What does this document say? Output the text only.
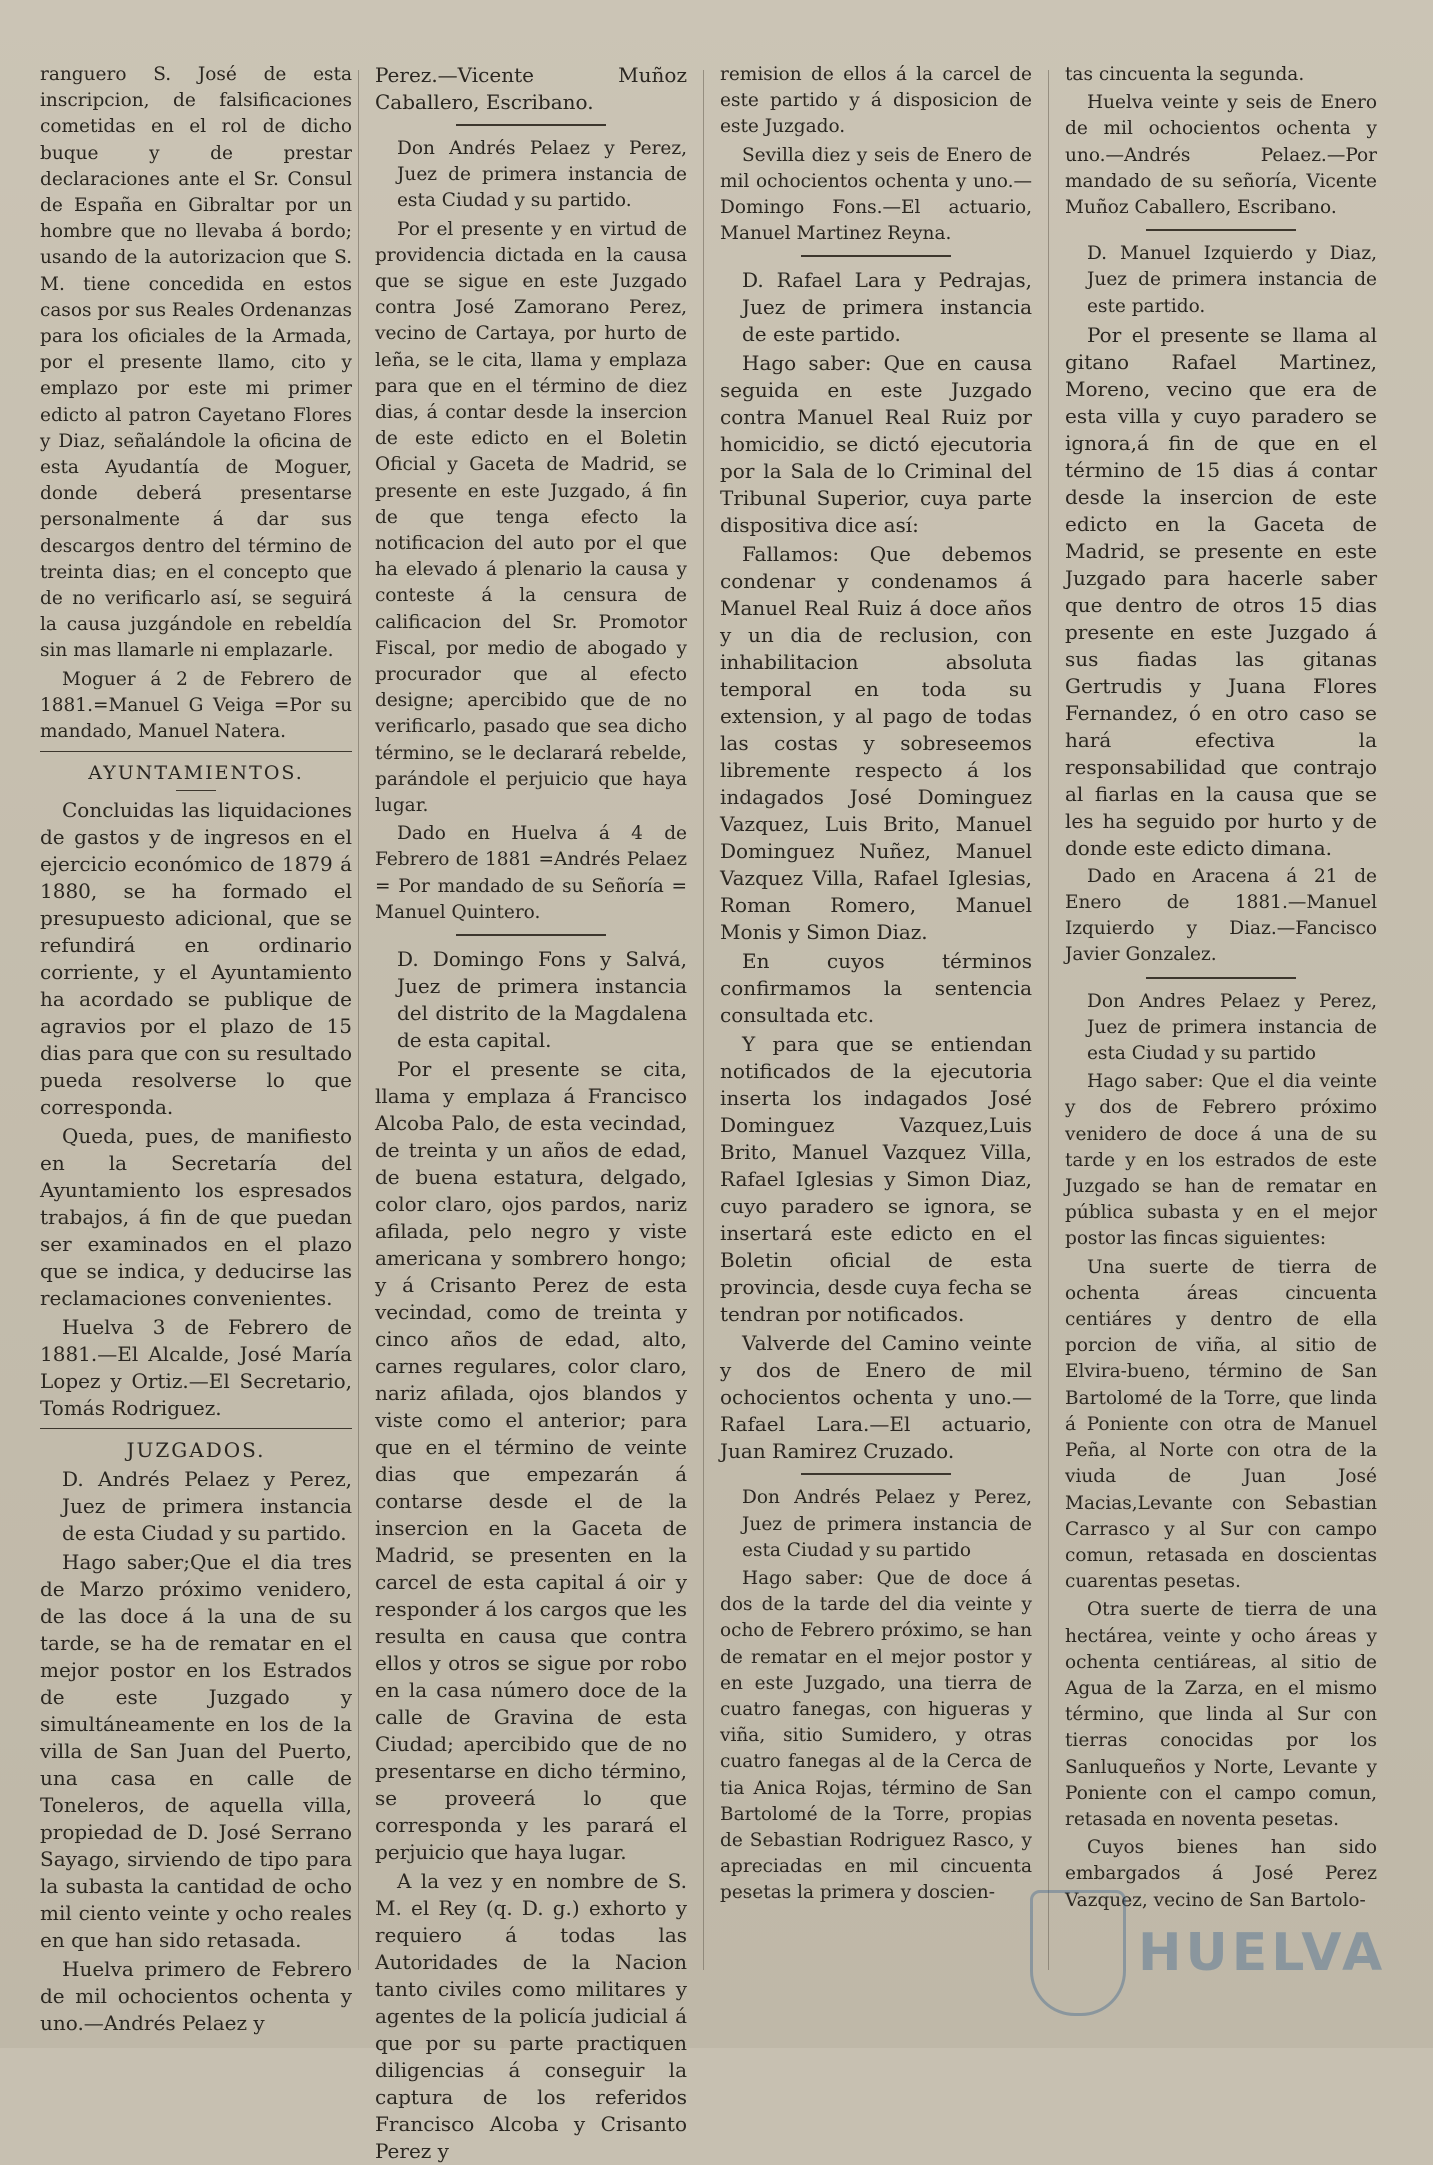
ranguero S. José de esta inscripcion, de falsificaciones cometidas en el rol de dicho buque y de prestar declaraciones ante el Sr. Consul de España en Gibraltar por un hombre que no llevaba á bordo; usando de la autorizacion que S. M. tiene concedida en estos casos por sus Reales Ordenanzas para los oficiales de la Armada, por el presente llamo, cito y emplazo por este mi primer edicto al patron Cayetano Flores y Diaz, señalándole la oficina de esta Ayudantía de Moguer, donde deberá presentarse personalmente á dar sus descargos dentro del término de treinta dias; en el concepto que de no verificarlo así, se seguirá la causa juzgándole en rebeldía sin mas llamarle ni emplazarle.

Moguer á 2 de Febrero de 1881.=Manuel G Veiga =Por su mandado, Manuel Natera.

AYUNTAMIENTOS.

Concluidas las liquidaciones de gastos y de ingresos en el ejercicio económico de 1879 á 1880, se ha formado el presupuesto adicional, que se refundirá en ordinario corriente, y el Ayuntamiento ha acordado se publique de agravios por el plazo de 15 dias para que con su resultado pueda resolverse lo que corresponda.

Queda, pues, de manifiesto en la Secretaría del Ayuntamiento los espresados trabajos, á fin de que puedan ser examinados en el plazo que se indica, y deducirse las reclamaciones convenientes.

Huelva 3 de Febrero de 1881.—El Alcalde, José María Lopez y Ortiz.—El Secretario, Tomás Rodriguez.

JUZGADOS.

D. Andrés Pelaez y Perez, Juez de primera instancia de esta Ciudad y su partido.

Hago saber;Que el dia tres de Marzo próximo venidero, de las doce á la una de su tarde, se ha de rematar en el mejor postor en los Estrados de este Juzgado y simultáneamente en los de la villa de San Juan del Puerto, una casa en calle de Toneleros, de aquella villa, propiedad de D. José Serrano Sayago, sirviendo de tipo para la subasta la cantidad de ocho mil ciento veinte y ocho reales en que han sido retasada.

Huelva primero de Febrero de mil ochocientos ochenta y uno.—Andrés Pelaez y

Perez.—Vicente Muñoz Caballero, Escribano.

Don Andrés Pelaez y Perez, Juez de primera instancia de esta Ciudad y su partido.

Por el presente y en virtud de providencia dictada en la causa que se sigue en este Juzgado contra José Zamorano Perez, vecino de Cartaya, por hurto de leña, se le cita, llama y emplaza para que en el término de diez dias, á contar desde la insercion de este edicto en el Boletin Oficial y Gaceta de Madrid, se presente en este Juzgado, á fin de que tenga efecto la notificacion del auto por el que ha elevado á plenario la causa y conteste á la censura de calificacion del Sr. Promotor Fiscal, por medio de abogado y procurador que al efecto designe; apercibido que de no verificarlo, pasado que sea dicho término, se le declarará rebelde, parándole el perjuicio que haya lugar.

Dado en Huelva á 4 de Febrero de 1881 =Andrés Pelaez = Por mandado de su Señoría = Manuel Quintero.

D. Domingo Fons y Salvá, Juez de primera instancia del distrito de la Magdalena de esta capital.

Por el presente se cita, llama y emplaza á Francisco Alcoba Palo, de esta vecindad, de treinta y un años de edad, de buena estatura, delgado, color claro, ojos pardos, nariz afilada, pelo negro y viste americana y sombrero hongo; y á Crisanto Perez de esta vecindad, como de treinta y cinco años de edad, alto, carnes regulares, color claro, nariz afilada, ojos blandos y viste como el anterior; para que en el término de veinte dias que empezarán á contarse desde el de la insercion en la Gaceta de Madrid, se presenten en la carcel de esta capital á oir y responder á los cargos que les resulta en causa que contra ellos y otros se sigue por robo en la casa número doce de la calle de Gravina de esta Ciudad; apercibido que de no presentarse en dicho término, se proveerá lo que corresponda y les parará el perjuicio que haya lugar.

A la vez y en nombre de S. M. el Rey (q. D. g.) exhorto y requiero á todas las Autoridades de la Nacion tanto civiles como militares y agentes de la policía judicial á que por su parte practiquen diligencias á conseguir la captura de los referidos Francisco Alcoba y Crisanto Perez y

remision de ellos á la carcel de este partido y á disposicion de este Juzgado.

Sevilla diez y seis de Enero de mil ochocientos ochenta y uno.—Domingo Fons.—El actuario, Manuel Martinez Reyna.

D. Rafael Lara y Pedrajas, Juez de primera instancia de este partido.

Hago saber: Que en causa seguida en este Juzgado contra Manuel Real Ruiz por homicidio, se dictó ejecutoria por la Sala de lo Criminal del Tribunal Superior, cuya parte dispositiva dice así:

Fallamos: Que debemos condenar y condenamos á Manuel Real Ruiz á doce años y un dia de reclusion, con inhabilitacion absoluta temporal en toda su extension, y al pago de todas las costas y sobreseemos libremente respecto á los indagados José Dominguez Vazquez, Luis Brito, Manuel Dominguez Nuñez, Manuel Vazquez Villa, Rafael Iglesias, Roman Romero, Manuel Monis y Simon Diaz.

En cuyos términos confirmamos la sentencia consultada etc.

Y para que se entiendan notificados de la ejecutoria inserta los indagados José Dominguez Vazquez,Luis Brito, Manuel Vazquez Villa, Rafael Iglesias y Simon Diaz, cuyo paradero se ignora, se insertará este edicto en el Boletin oficial de esta provincia, desde cuya fecha se tendran por notificados.

Valverde del Camino veinte y dos de Enero de mil ochocientos ochenta y uno.—Rafael Lara.—El actuario, Juan Ramirez Cruzado.

Don Andrés Pelaez y Perez, Juez de primera instancia de esta Ciudad y su partido

Hago saber: Que de doce á dos de la tarde del dia veinte y ocho de Febrero próximo, se han de rematar en el mejor postor y en este Juzgado, una tierra de cuatro fanegas, con higueras y viña, sitio Sumidero, y otras cuatro fanegas al de la Cerca de tia Anica Rojas, término de San Bartolomé de la Torre, propias de Sebastian Rodriguez Rasco, y apreciadas en mil cincuenta pesetas la primera y doscien-

tas cincuenta la segunda.

Huelva veinte y seis de Enero de mil ochocientos ochenta y uno.—Andrés Pelaez.—Por mandado de su señoría, Vicente Muñoz Caballero, Escribano.

D. Manuel Izquierdo y Diaz, Juez de primera instancia de este partido.

Por el presente se llama al gitano Rafael Martinez, Moreno, vecino que era de esta villa y cuyo paradero se ignora,á fin de que en el término de 15 dias á contar desde la insercion de este edicto en la Gaceta de Madrid, se presente en este Juzgado para hacerle saber que dentro de otros 15 dias presente en este Juzgado á sus fiadas las gitanas Gertrudis y Juana Flores Fernandez, ó en otro caso se hará efectiva la responsabilidad que contrajo al fiarlas en la causa que se les ha seguido por hurto y de donde este edicto dimana.

Dado en Aracena á 21 de Enero de 1881.—Manuel Izquierdo y Diaz.—Fancisco Javier Gonzalez.

Don Andres Pelaez y Perez, Juez de primera instancia de esta Ciudad y su partido

Hago saber: Que el dia veinte y dos de Febrero próximo venidero de doce á una de su tarde y en los estrados de este Juzgado se han de rematar en pública subasta y en el mejor postor las fincas siguientes:

Una suerte de tierra de ochenta áreas cincuenta centiáres y dentro de ella porcion de viña, al sitio de Elvira-bueno, término de San Bartolomé de la Torre, que linda á Poniente con otra de Manuel Peña, al Norte con otra de la viuda de Juan José Macias,Levante con Sebastian Carrasco y al Sur con campo comun, retasada en doscientas cuarentas pesetas.

Otra suerte de tierra de una hectárea, veinte y ocho áreas y ochenta centiáreas, al sitio de Agua de la Zarza, en el mismo término, que linda al Sur con tierras conocidas por los Sanluqueños y Norte, Levante y Poniente con el campo comun, retasada en noventa pesetas.

Cuyos bienes han sido embargados á José Perez Vazquez, vecino de San Bartolo-

HUELVA
